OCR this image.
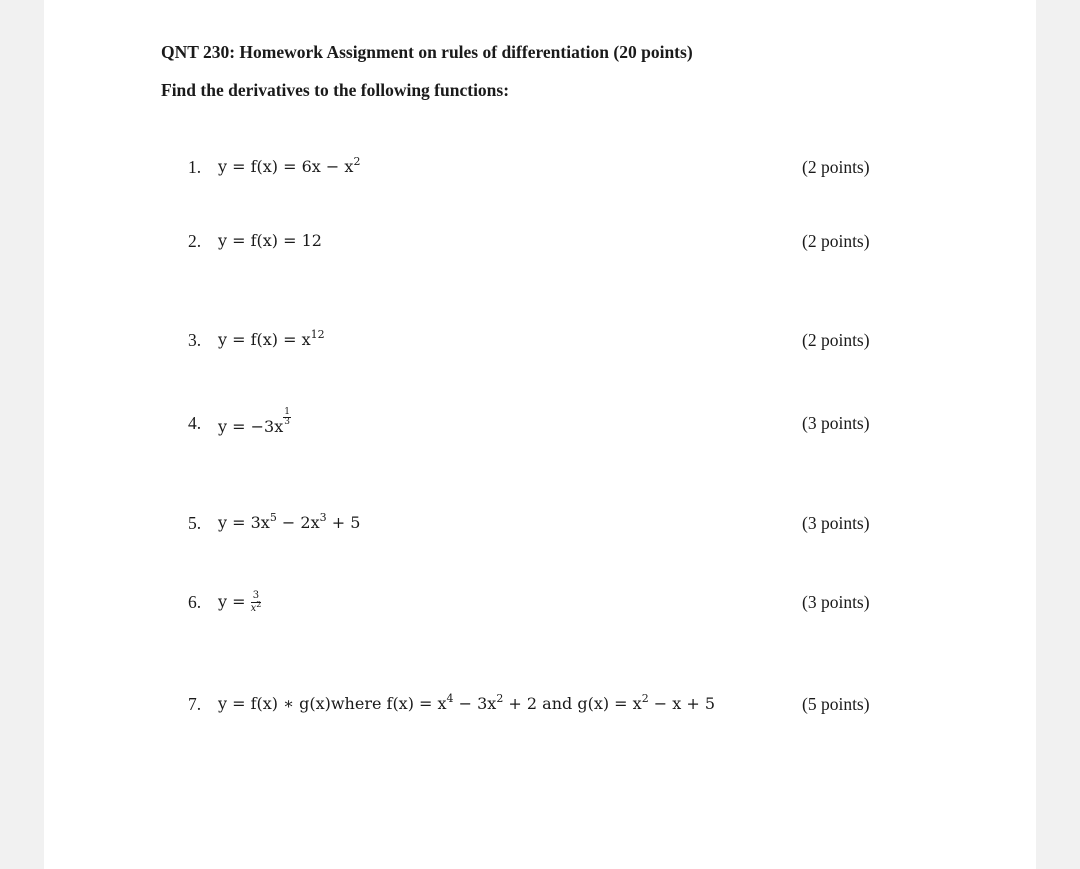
QNT 230: Homework Assignment on rules of differentiation (20 points)
Find the derivatives to the following functions:
1. $y = f(x) = 6x - x^2$	(2 points)
2. y = f(x) = 12	(2 points)
3. $y = f(x) = x^{12}$	(2 points)
4. $y = -3x \frac{1}{3}$	(3 points)
5. $y = 3x^5 - 2x^3 + 5$	(3 points)
6. $y = \frac{3}{x^2}$	(3 points)
7. y = f(x) ∗ g(x)where $f(x) = x^4 - 3x^2 + 2$ and $g(x) = x^2 - x + 5$	(5 points)
